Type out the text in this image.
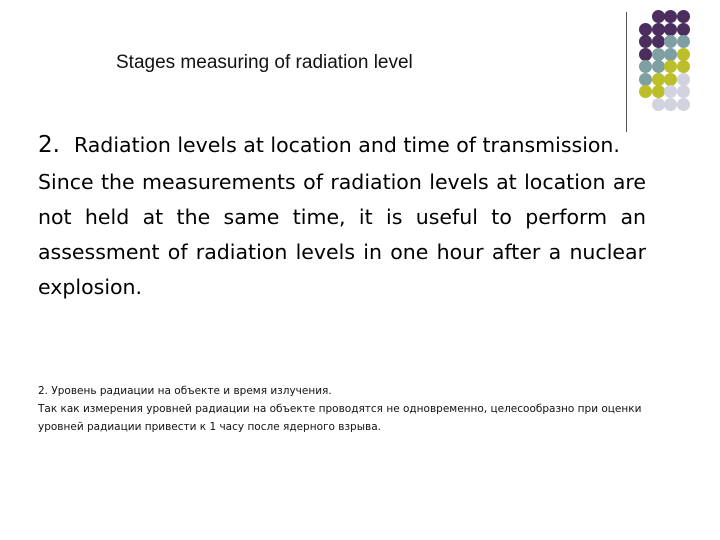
Stages measuring of radiation level

2. Radiation levels at location and time of transmission.

Since the measurements of radiation levels at location are not held at the same time, it is useful to perform an assessment of radiation levels in one hour after a nuclear explosion.

2. Уровень радиации на объекте и время излучения.

Так как измерения уровней радиации на объекте проводятся не одновременно, целесообразно при оценки уровней радиации привести к 1 часу после ядерного взрыва.
